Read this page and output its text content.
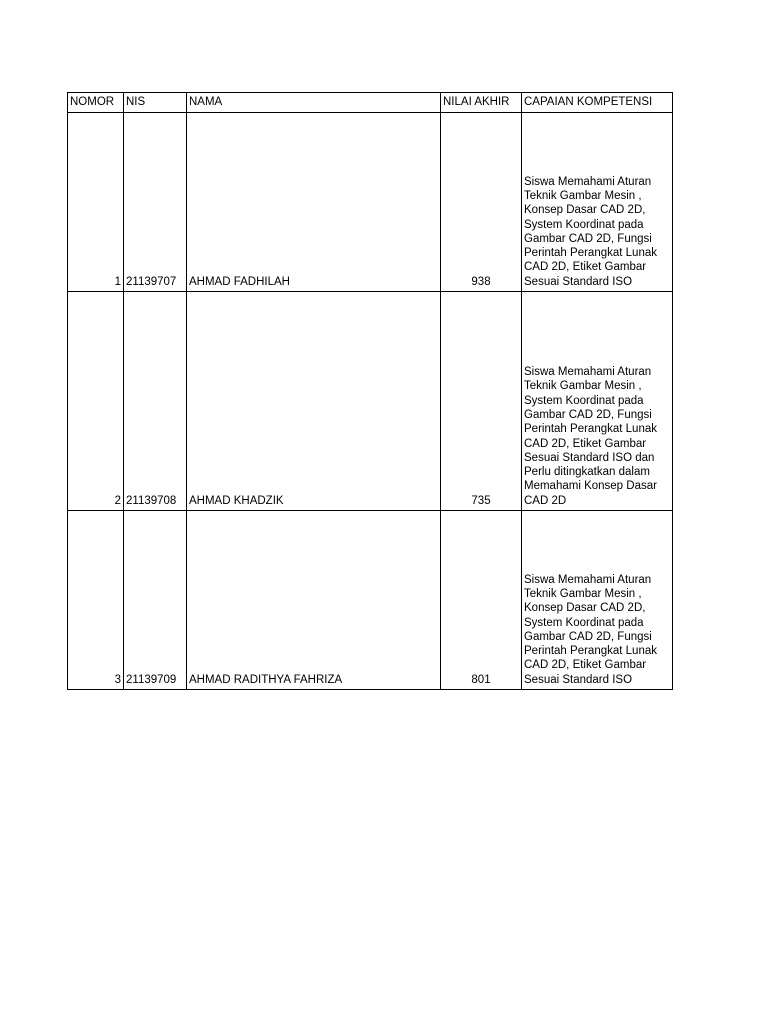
NOMOR	NIS	NAMA	NILAI AKHIR	CAPAIAN KOMPETENSI
1	21139707	AHMAD FADHILAH	938	Siswa Memahami Aturan Teknik Gambar Mesin , Konsep Dasar CAD 2D, System Koordinat pada Gambar CAD 2D, Fungsi Perintah Perangkat Lunak CAD 2D, Etiket Gambar Sesuai Standard ISO
2	21139708	AHMAD KHADZIK	735	Siswa Memahami Aturan Teknik Gambar Mesin , System Koordinat pada Gambar CAD 2D, Fungsi Perintah Perangkat Lunak CAD 2D, Etiket Gambar Sesuai Standard ISO dan Perlu ditingkatkan dalam Memahami Konsep Dasar CAD 2D
3	21139709	AHMAD RADITHYA FAHRIZA	801	Siswa Memahami Aturan Teknik Gambar Mesin , Konsep Dasar CAD 2D, System Koordinat pada Gambar CAD 2D, Fungsi Perintah Perangkat Lunak CAD 2D, Etiket Gambar Sesuai Standard ISO
